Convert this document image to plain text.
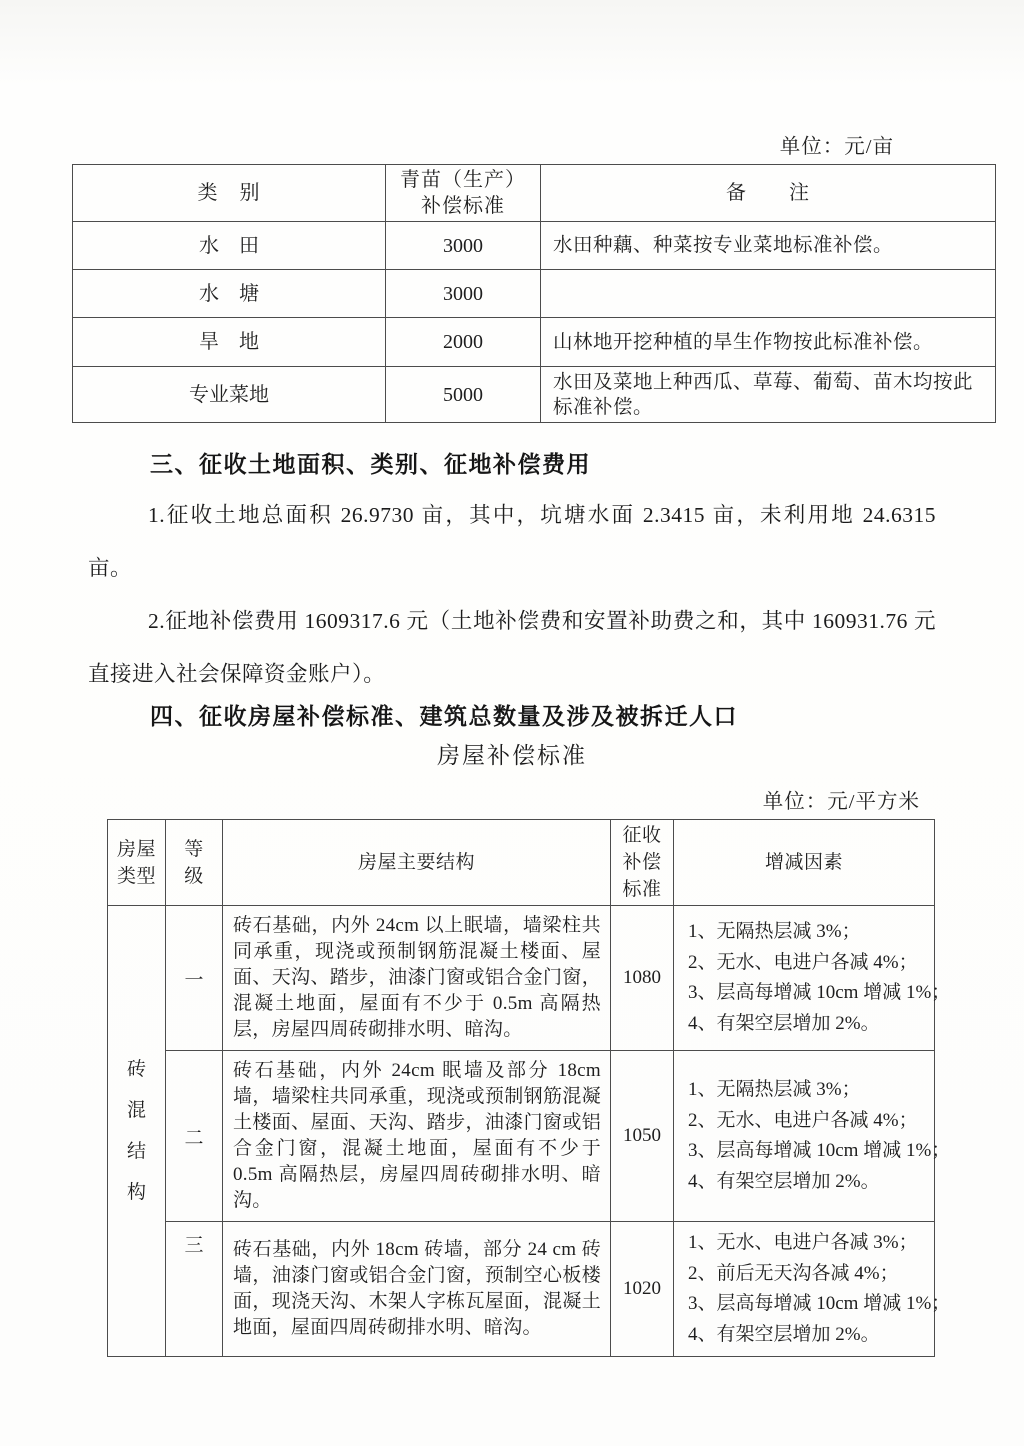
单位：元/亩
类　别	青苗（生产）补偿标准	备　　注
水　田	3000	水田种藕、种菜按专业菜地标准补偿。
水　塘	3000	
旱　地	2000	山林地开挖种植的旱生作物按此标准补偿。
专业菜地	5000	水田及菜地上种西瓜、草莓、葡萄、苗木均按此标准补偿。
三、征收土地面积、类别、征地补偿费用

1.征收土地总面积 26.9730 亩，其中，坑塘水面 2.3415 亩，未利用地 24.6315 亩。

2.征地补偿费用 1609317.6 元（土地补偿费和安置补助费之和，其中 160931.76 元直接进入社会保障资金账户）。

四、征收房屋补偿标准、建筑总数量及涉及被拆迁人口
房屋补偿标准
单位：元/平方米
房屋类型	等级	房屋主要结构	征收补偿标准	增减因素

砖混结构	一	砖石基础，内外 24cm 以上眠墙，墙梁柱共同承重，现浇或预制钢筋混凝土楼面、屋面、天沟、踏步，油漆门窗或铝合金门窗，混凝土地面，屋面有不少于 0.5m 高隔热层，房屋四周砖砌排水明、暗沟。	1080	1、无隔热层减 3%；
2、无水、电进户各减 4%；
3、层高每增减 10cm 增减 1%；
4、有架空层增加 2%。

	二	砖石基础，内外 24cm 眠墙及部分 18cm 墙，墙梁柱共同承重，现浇或预制钢筋混凝土楼面、屋面、天沟、踏步，油漆门窗或铝合金门窗，混凝土地面，屋面有不少于 0.5m 高隔热层，房屋四周砖砌排水明、暗沟。	1050	1、无隔热层减 3%；
2、无水、电进户各减 4%；
3、层高每增减 10cm 增减 1%；
4、有架空层增加 2%。

	三	砖石基础，内外 18cm 砖墙，部分 24 cm 砖墙，油漆门窗或铝合金门窗，预制空心板楼面，现浇天沟、木架人字栋瓦屋面，混凝土地面，屋面四周砖砌排水明、暗沟。	1020	1、无水、电进户各减 3%；
2、前后无天沟各减 4%；
3、层高每增减 10cm 增减 1%；
4、有架空层增加 2%。
